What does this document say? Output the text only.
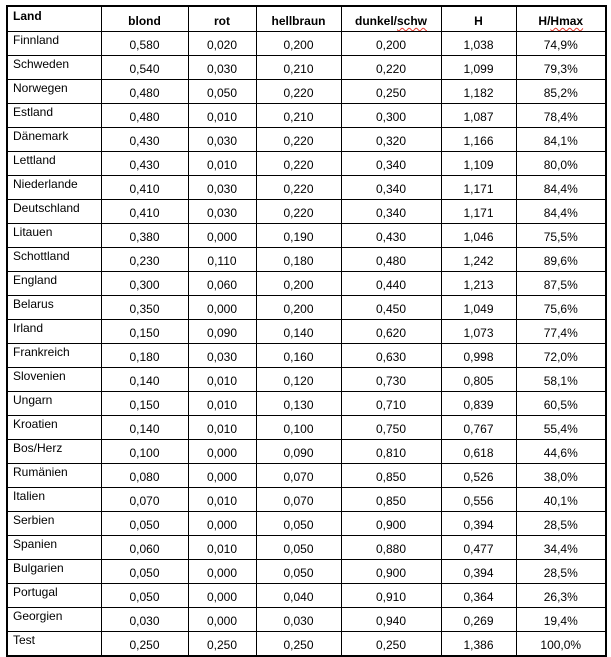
Land	blond	rot	hellbraun	dunkel/schw	H	H/Hmax
Finnland	0,580	0,020	0,200	0,200	1,038	74,9%
Schweden	0,540	0,030	0,210	0,220	1,099	79,3%
Norwegen	0,480	0,050	0,220	0,250	1,182	85,2%
Estland	0,480	0,010	0,210	0,300	1,087	78,4%
Dänemark	0,430	0,030	0,220	0,320	1,166	84,1%
Lettland	0,430	0,010	0,220	0,340	1,109	80,0%
Niederlande	0,410	0,030	0,220	0,340	1,171	84,4%
Deutschland	0,410	0,030	0,220	0,340	1,171	84,4%
Litauen	0,380	0,000	0,190	0,430	1,046	75,5%
Schottland	0,230	0,110	0,180	0,480	1,242	89,6%
England	0,300	0,060	0,200	0,440	1,213	87,5%
Belarus	0,350	0,000	0,200	0,450	1,049	75,6%
Irland	0,150	0,090	0,140	0,620	1,073	77,4%
Frankreich	0,180	0,030	0,160	0,630	0,998	72,0%
Slovenien	0,140	0,010	0,120	0,730	0,805	58,1%
Ungarn	0,150	0,010	0,130	0,710	0,839	60,5%
Kroatien	0,140	0,010	0,100	0,750	0,767	55,4%
Bos/Herz	0,100	0,000	0,090	0,810	0,618	44,6%
Rumänien	0,080	0,000	0,070	0,850	0,526	38,0%
Italien	0,070	0,010	0,070	0,850	0,556	40,1%
Serbien	0,050	0,000	0,050	0,900	0,394	28,5%
Spanien	0,060	0,010	0,050	0,880	0,477	34,4%
Bulgarien	0,050	0,000	0,050	0,900	0,394	28,5%
Portugal	0,050	0,000	0,040	0,910	0,364	26,3%
Georgien	0,030	0,000	0,030	0,940	0,269	19,4%
Test	0,250	0,250	0,250	0,250	1,386	100,0%
